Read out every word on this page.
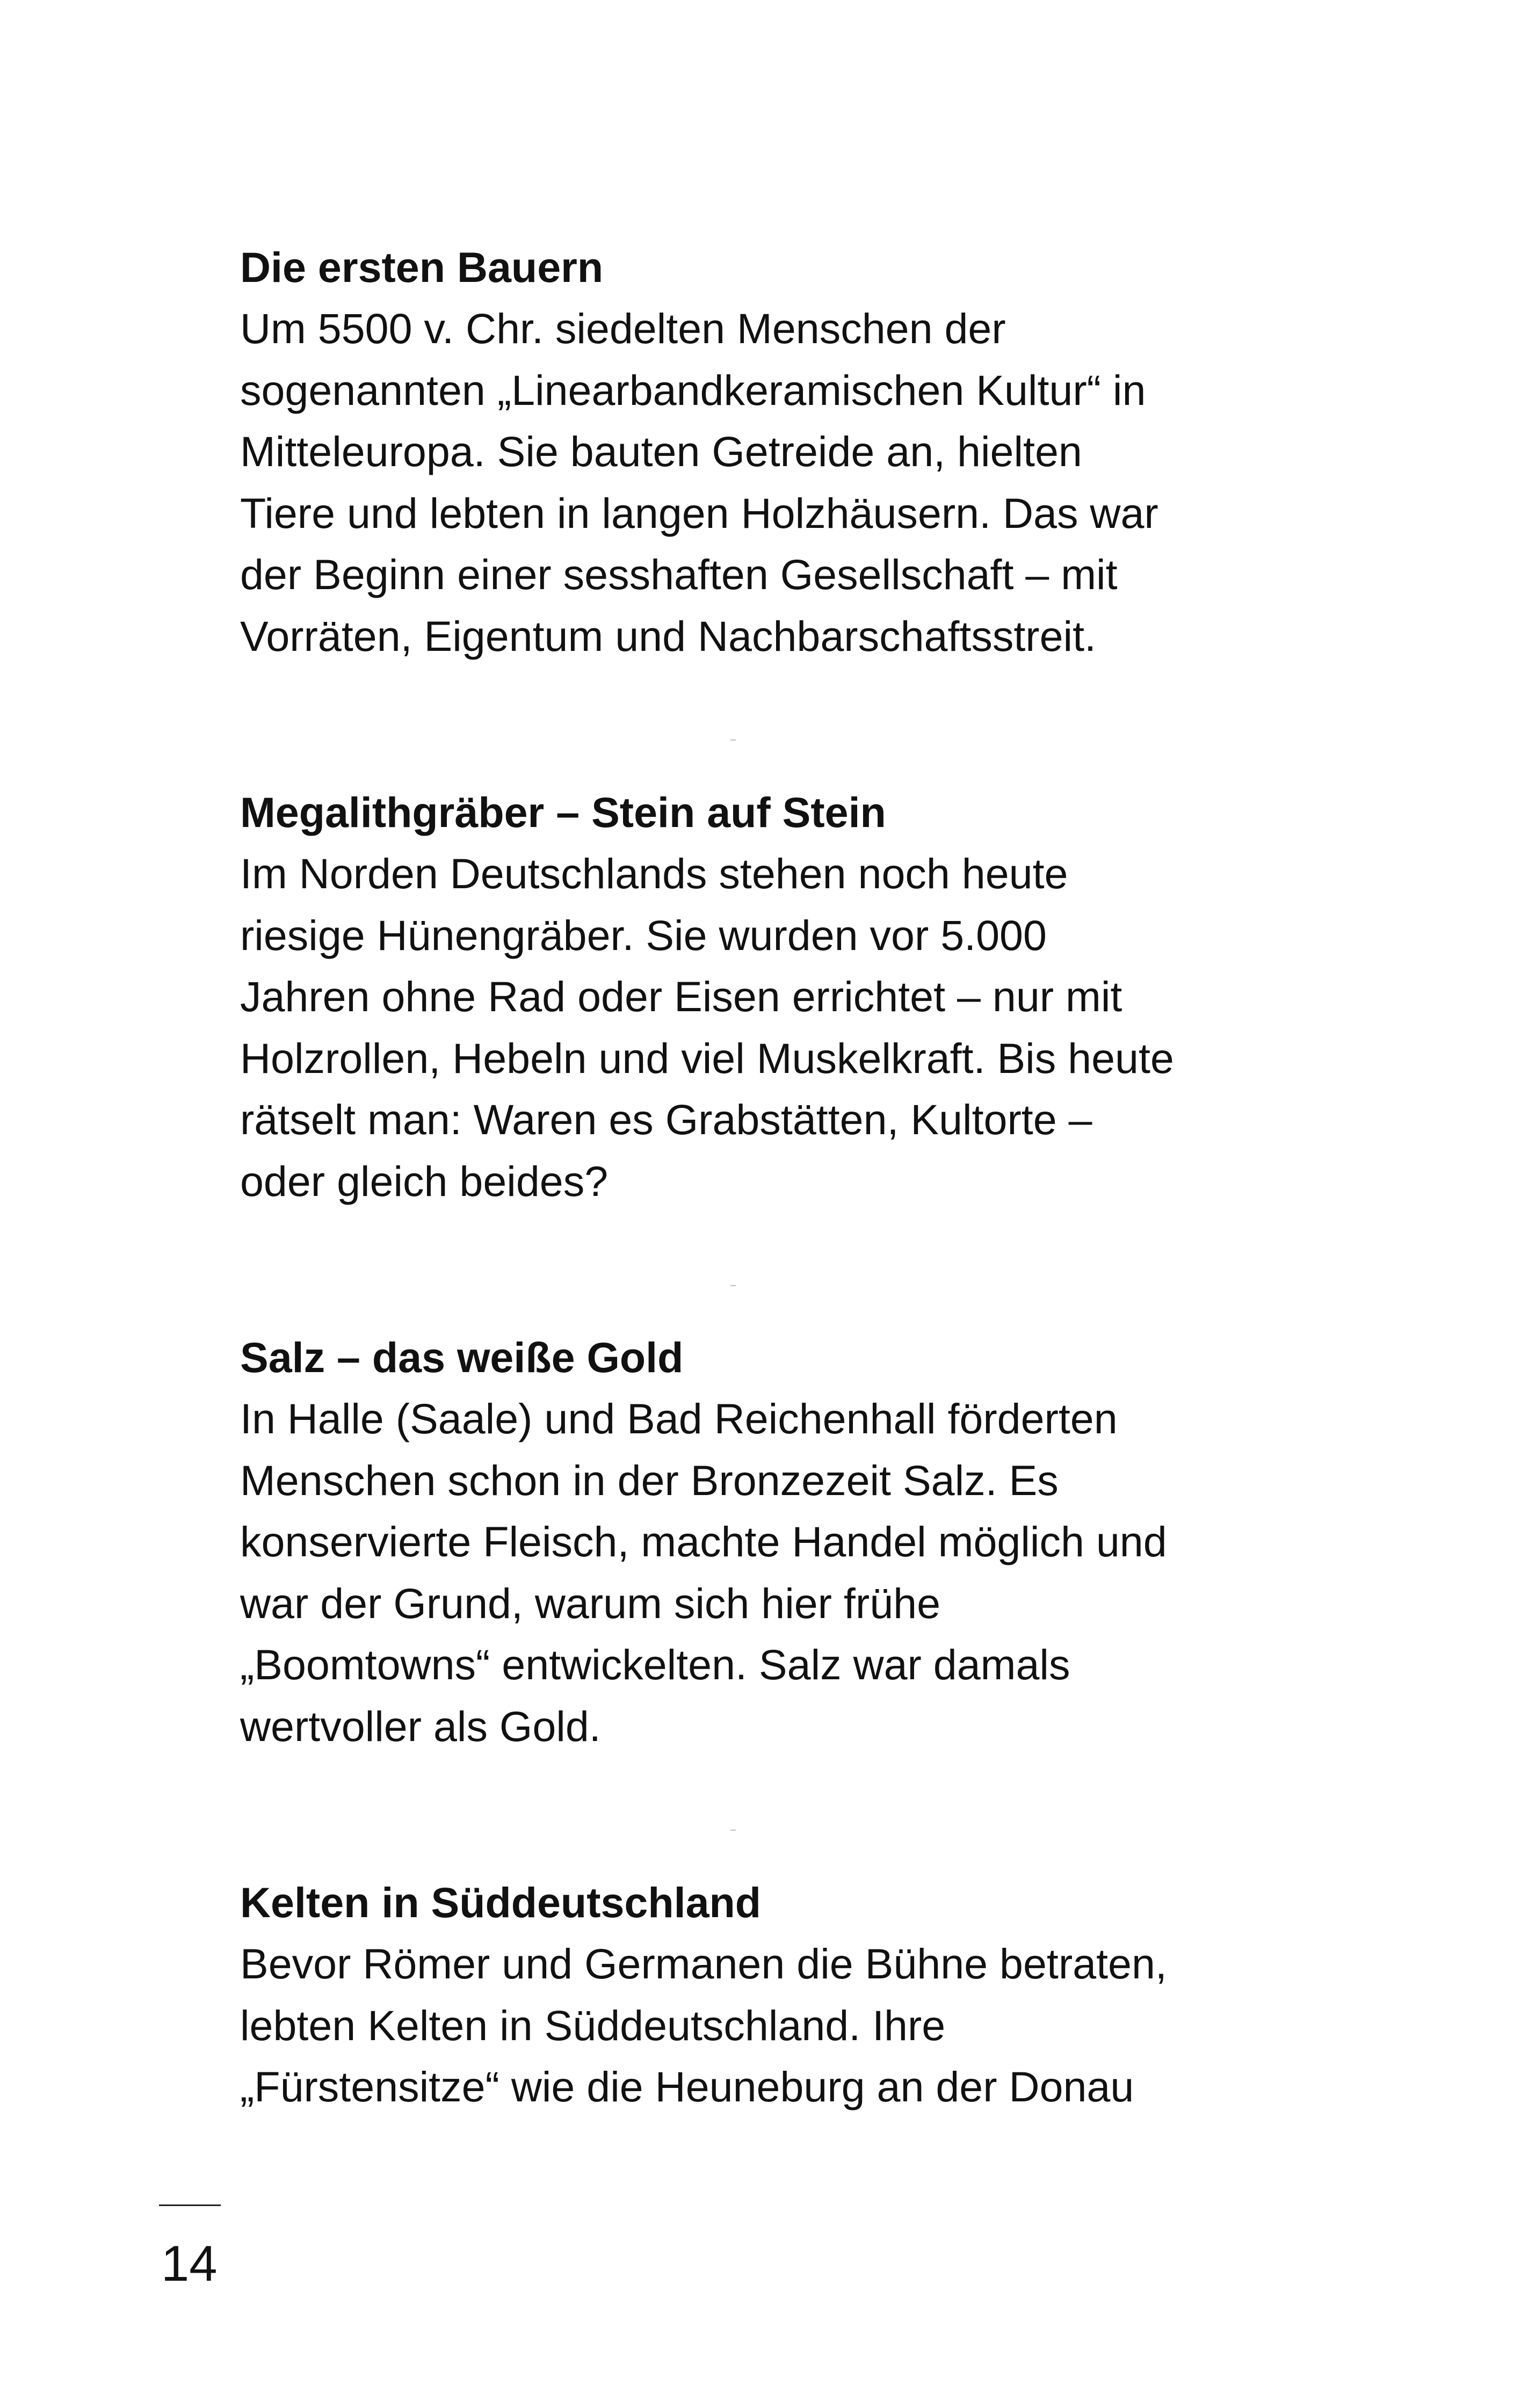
Die ersten Bauern
Um 5500 v. Chr. siedelten Menschen der
sogenannten „Linearbandkeramischen Kultur“ in
Mitteleuropa. Sie bauten Getreide an, hielten
Tiere und lebten in langen Holzhäusern. Das war
der Beginn einer sesshaften Gesellschaft – mit
Vorräten, Eigentum und Nachbarschaftsstreit.
Megalithgräber – Stein auf Stein
Im Norden Deutschlands stehen noch heute
riesige Hünengräber. Sie wurden vor 5.000
Jahren ohne Rad oder Eisen errichtet – nur mit
Holzrollen, Hebeln und viel Muskelkraft. Bis heute
rätselt man: Waren es Grabstätten, Kultorte –
oder gleich beides?
Salz – das weiße Gold
In Halle (Saale) und Bad Reichenhall förderten
Menschen schon in der Bronzezeit Salz. Es
konservierte Fleisch, machte Handel möglich und
war der Grund, warum sich hier frühe
„Boomtowns“ entwickelten. Salz war damals
wertvoller als Gold.
Kelten in Süddeutschland
Bevor Römer und Germanen die Bühne betraten,
lebten Kelten in Süddeutschland. Ihre
„Fürstensitze“ wie die Heuneburg an der Donau
14
